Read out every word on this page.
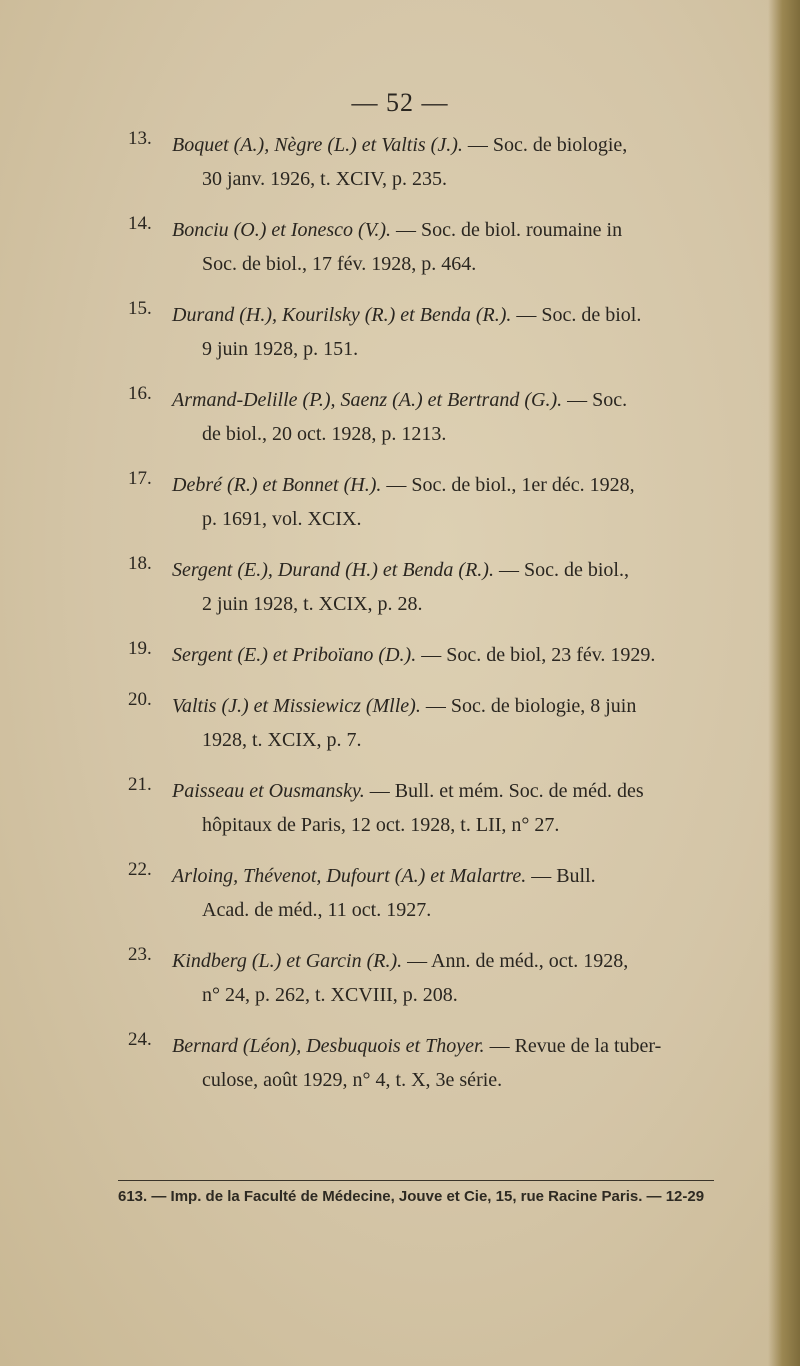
— 52 —
13.	Boquet (A.), Nègre (L.) et Valtis (J.). — Soc. de biologie,
30 janv. 1926, t. XCIV, p. 235.
14.	Bonciu (O.) et Ionesco (V.). — Soc. de biol. roumaine in
Soc. de biol., 17 fév. 1928, p. 464.
15.	Durand (H.), Kourilsky (R.) et Benda (R.). — Soc. de biol.
9 juin 1928, p. 151.
16.	Armand-Delille (P.), Saenz (A.) et Bertrand (G.). — Soc.
de biol., 20 oct. 1928, p. 1213.
17.	Debré (R.) et Bonnet (H.). — Soc. de biol., 1er déc. 1928,
p. 1691, vol. XCIX.
18.	Sergent (E.), Durand (H.) et Benda (R.). — Soc. de biol.,
2 juin 1928, t. XCIX, p. 28.
19.	Sergent (E.) et Priboïano (D.). — Soc. de biol, 23 fév. 1929.
20.	Valtis (J.) et Missiewicz (Mlle). — Soc. de biologie, 8 juin
1928, t. XCIX, p. 7.
21.	Paisseau et Ousmansky. — Bull. et mém. Soc. de méd. des
hôpitaux de Paris, 12 oct. 1928, t. LII, n° 27.
22.	Arloing, Thévenot, Dufourt (A.) et Malartre. — Bull.
Acad. de méd., 11 oct. 1927.
23.	Kindberg (L.) et Garcin (R.). — Ann. de méd., oct. 1928,
n° 24, p. 262, t. XCVIII, p. 208.
24.	Bernard (Léon), Desbuquois et Thoyer. — Revue de la tuber-
culose, août 1929, n° 4, t. X, 3e série.
613. — Imp. de la Faculté de Médecine, Jouve et Cie, 15, rue Racine Paris. — 12-29
